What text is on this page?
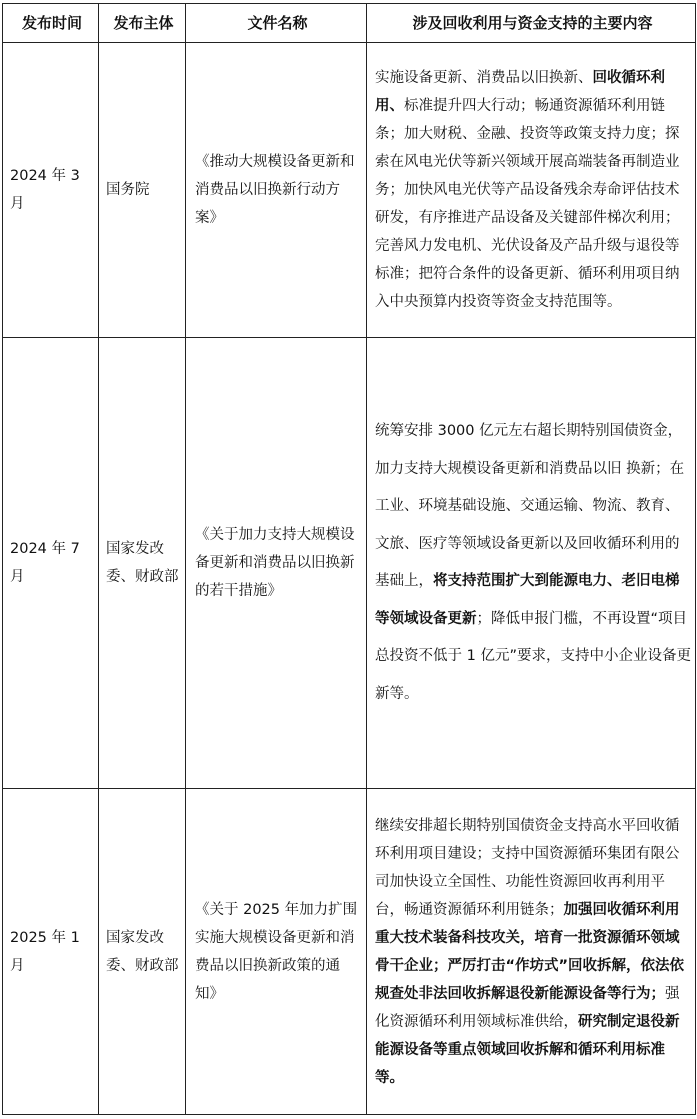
发布时间	发布主体	文件名称	涉及回收利用与资金支持的主要内容
2024 年 3 月	国务院	《推动大规模设备更新和消费品以旧换新行动方案》	实施设备更新、消费品以旧换新、回收循环利用、标准提升四大行动；畅通资源循环利用链条；加大财税、金融、投资等政策支持力度；探索在风电光伏等新兴领域开展高端装备再制造业务；加快风电光伏等产品设备残余寿命评估技术研发，有序推进产品设备及关键部件梯次利用；完善风力发电机、光伏设备及产品升级与退役等标准；把符合条件的设备更新、循环利用项目纳入中央预算内投资等资金支持范围等。
2024 年 7 月	国家发改委、财政部	《关于加力支持大规模设备更新和消费品以旧换新的若干措施》	统筹安排 3000 亿元左右超长期特别国债资金，加力支持大规模设备更新和消费品以旧 换新；在工业、环境基础设施、交通运输、物流、教育、文旅、医疗等领域设备更新以及回收循环利用的基础上，将支持范围扩大到能源电力、老旧电梯等领域设备更新；降低申报门槛，不再设置“项目总投资不低于 1 亿元”要求，支持中小企业设备更新等。
2025 年 1 月	国家发改委、财政部	《关于 2025 年加力扩围实施大规模设备更新和消费品以旧换新政策的通知》	继续安排超长期特别国债资金支持高水平回收循环利用项目建设；支持中国资源循环集团有限公司加快设立全国性、功能性资源回收再利用平台，畅通资源循环利用链条；加强回收循环利用重大技术装备科技攻关，培育一批资源循环领域骨干企业；严厉打击“作坊式”回收拆解，依法依规查处非法回收拆解退役新能源设备等行为；强化资源循环利用领域标准供给，研究制定退役新能源设备等重点领域回收拆解和循环利用标准等。
